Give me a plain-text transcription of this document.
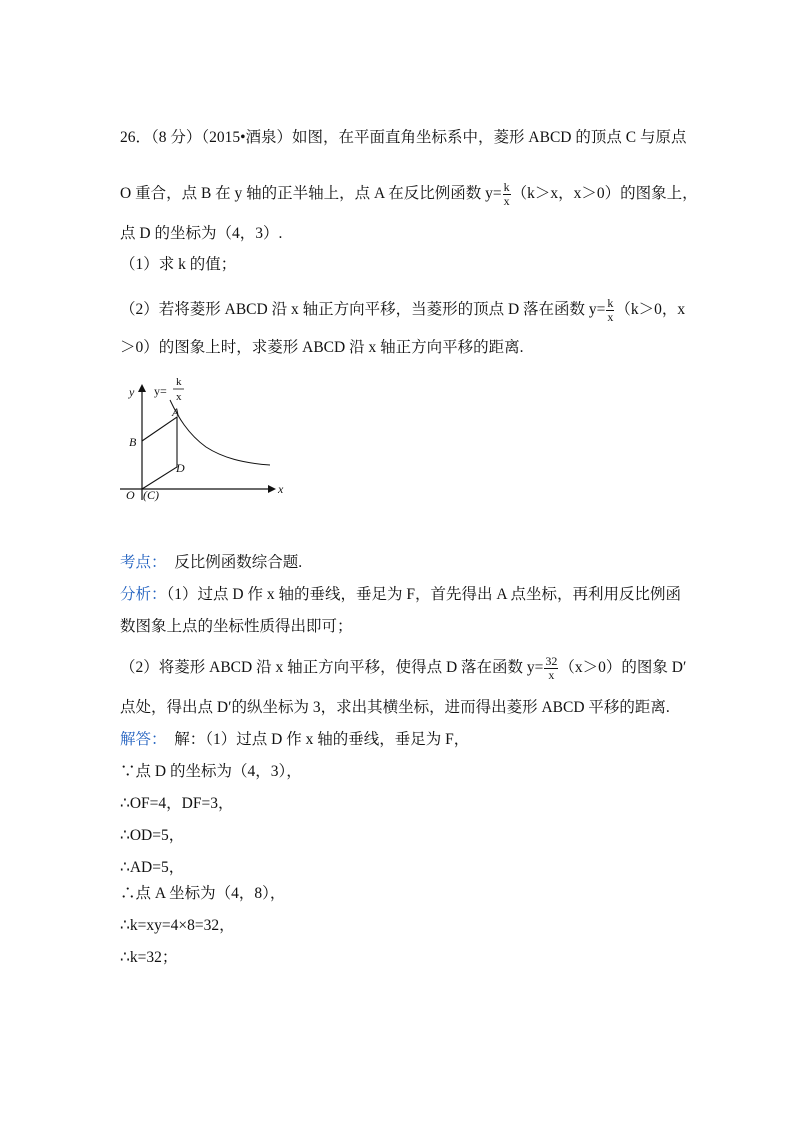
26．（8 分）（2015•酒泉）如图，在平面直角坐标系中，菱形 ABCD 的顶点 C 与原点
O 重合，点 B 在 y 轴的正半轴上，点 A 在反比例函数 $y= \frac{k}{x} (k>x$，x＞0）的图象上，
点 D 的坐标为（4，3）.
（1）求 k 的值；
（2）若将菱形 ABCD 沿 x 轴正方向平移，当菱形的顶点 D 落在函数 $y= \frac{k}{x} (k>0$，x
＞0）的图象上时，求菱形 ABCD 沿 x 轴正方向平移的距离.
y
x
O (C)
B
A
D
y=
k
x
考点： 反比例函数综合题.
分析：（1）过点 D 作 x 轴的垂线，垂足为 F，首先得出 A 点坐标，再利用反比例函
数图象上点的坐标性质得出即可；
（2）将菱形 ABCD 沿 x 轴正方向平移，使得点 D 落在函数 $y= \frac{32}{x} (x>0)$的图象 D′
点处，得出点 D′的纵坐标为 3，求出其横坐标，进而得出菱形 ABCD 平移的距离.
解答： 解：（1）过点 D 作 x 轴的垂线，垂足为 F，
∵点 D 的坐标为（4，3），
∴OF=4，DF=3，
∴OD=5，
∴AD=5，
∴点 A 坐标为（4，8），
∴k=xy=4×8=32，
∴k=32；
